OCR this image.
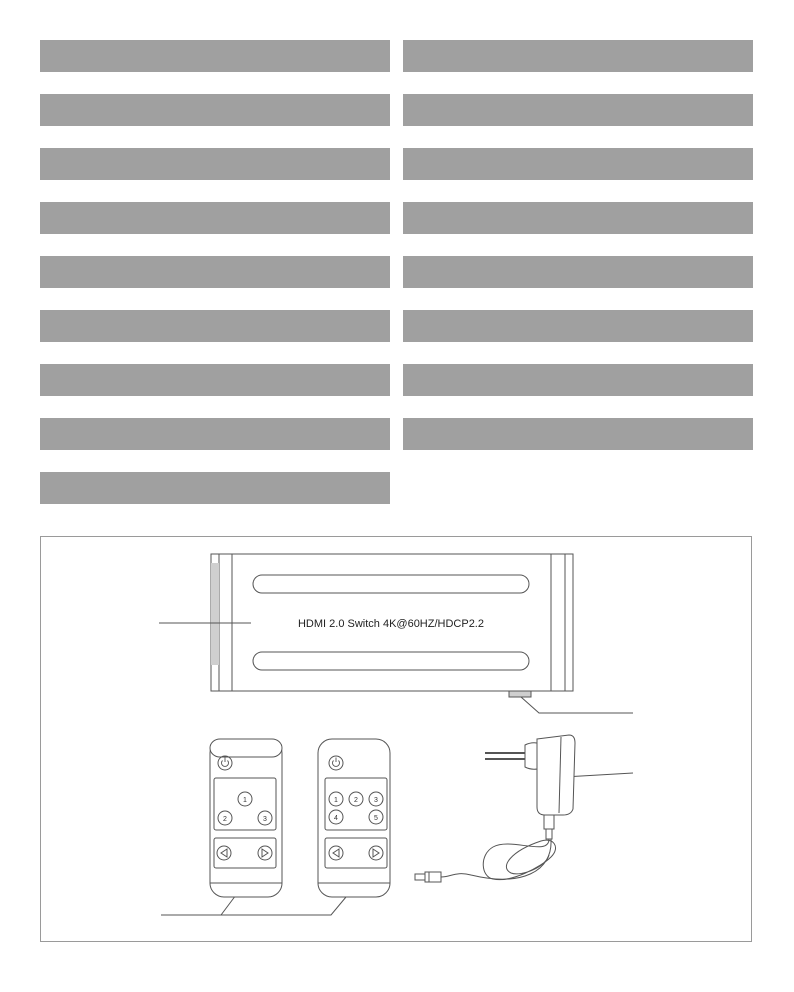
HDMI 2.0 Switch 4K@60HZ/HDCP2.2
1
2	3
1 2 3
4	5
